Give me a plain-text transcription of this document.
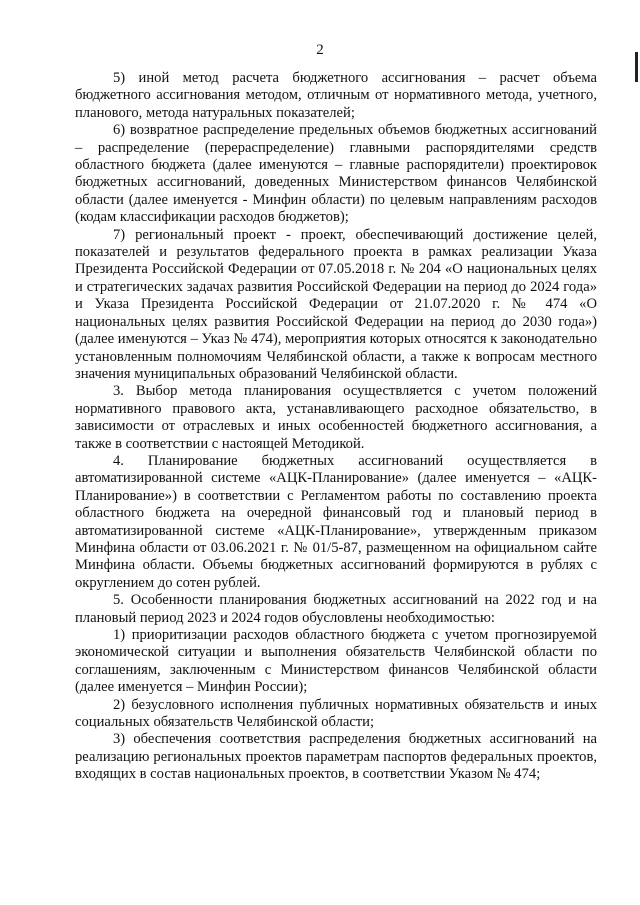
2

5) иной метод расчета бюджетного ассигнования – расчет объема бюджетного ассигнования методом, отличным от нормативного метода, учетного, планового, метода натуральных показателей;

6) возвратное распределение предельных объемов бюджетных ассигнований – распределение (перераспределение) главными распорядителями средств областного бюджета (далее именуются – главные распорядители) проектировок бюджетных ассигнований, доведенных Министерством финансов Челябинской области (далее именуется - Минфин области) по целевым направлениям расходов (кодам классификации расходов бюджетов);

7) региональный проект - проект, обеспечивающий достижение целей, показателей и результатов федерального проекта в рамках реализации Указа Президента Российской Федерации от 07.05.2018 г. № 204 «О национальных целях и стратегических задачах развития Российской Федерации на период до 2024 года» и Указа Президента Российской Федерации от 21.07.2020 г. № 474 «О национальных целях развития Российской Федерации на период до 2030 года») (далее именуются – Указ № 474), мероприятия которых относятся к законодательно установленным полномочиям Челябинской области, а также к вопросам местного значения муниципальных образований Челябинской области.

3. Выбор метода планирования осуществляется с учетом положений нормативного правового акта, устанавливающего расходное обязательство, в зависимости от отраслевых и иных особенностей бюджетного ассигнования, а также в соответствии с настоящей Методикой.

4. Планирование бюджетных ассигнований осуществляется в автоматизированной системе «АЦК-Планирование» (далее именуется – «АЦК-Планирование») в соответствии с Регламентом работы по составлению проекта областного бюджета на очередной финансовый год и плановый период в автоматизированной системе «АЦК-Планирование», утвержденным приказом Минфина области от 03.06.2021 г. № 01/5-87, размещенном на официальном сайте Минфина области. Объемы бюджетных ассигнований формируются в рублях с округлением до сотен рублей.

5. Особенности планирования бюджетных ассигнований на 2022 год и на плановый период 2023 и 2024 годов обусловлены необходимостью:

1) приоритизации расходов областного бюджета с учетом прогнозируемой экономической ситуации и выполнения обязательств Челябинской области по соглашениям, заключенным с Министерством финансов Челябинской области (далее именуется – Минфин России);

2) безусловного исполнения публичных нормативных обязательств и иных социальных обязательств Челябинской области;

3) обеспечения соответствия распределения бюджетных ассигнований на реализацию региональных проектов параметрам паспортов федеральных проектов, входящих в состав национальных проектов, в соответствии Указом № 474;
